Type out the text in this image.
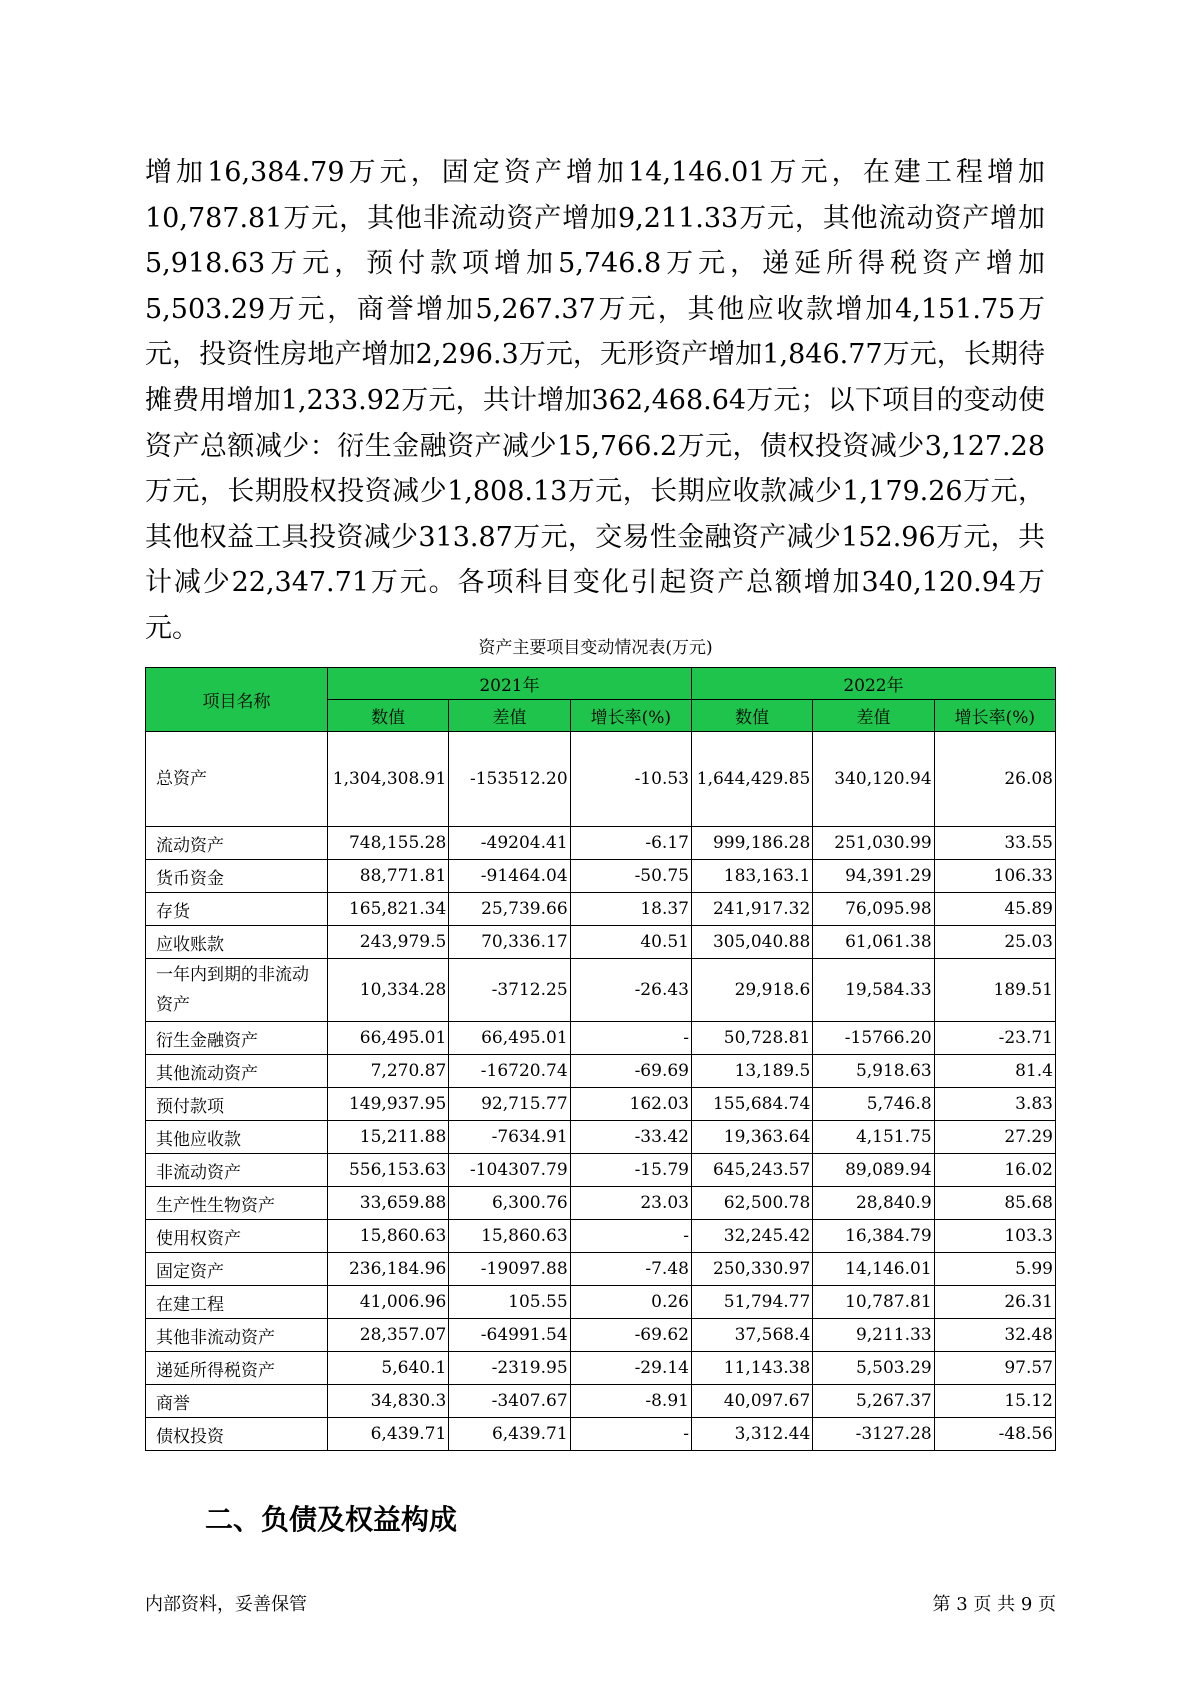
增加16,384.79万元，固定资产增加14,146.01万元，在建工程增加10,787.81万元，其他非流动资产增加9,211.33万元，其他流动资产增加5,918.63万元，预付款项增加5,746.8万元，递延所得税资产增加5,503.29万元，商誉增加5,267.37万元，其他应收款增加4,151.75万元，投资性房地产增加2,296.3万元，无形资产增加1,846.77万元，长期待摊费用增加1,233.92万元，共计增加362,468.64万元；以下项目的变动使资产总额减少：衍生金融资产减少15,766.2万元，债权投资减少3,127.28万元，长期股权投资减少1,808.13万元，长期应收款减少1,179.26万元，其他权益工具投资减少313.87万元，交易性金融资产减少152.96万元，共计减少22,347.71万元。各项科目变化引起资产总额增加340,120.94万元。

资产主要项目变动情况表(万元)
项目名称	2021年			2022年		
	数值	差值	增长率(%)	数值	差值	增长率(%)
总资产	1,304,308.91	-153512.20	-10.53	1,644,429.85	340,120.94	26.08
流动资产	748,155.28	-49204.41	-6.17	999,186.28	251,030.99	33.55
货币资金	88,771.81	-91464.04	-50.75	183,163.1	94,391.29	106.33
存货	165,821.34	25,739.66	18.37	241,917.32	76,095.98	45.89
应收账款	243,979.5	70,336.17	40.51	305,040.88	61,061.38	25.03
一年内到期的非流动资产	10,334.28	-3712.25	-26.43	29,918.6	19,584.33	189.51
衍生金融资产	66,495.01	66,495.01	-	50,728.81	-15766.20	-23.71
其他流动资产	7,270.87	-16720.74	-69.69	13,189.5	5,918.63	81.4
预付款项	149,937.95	92,715.77	162.03	155,684.74	5,746.8	3.83
其他应收款	15,211.88	-7634.91	-33.42	19,363.64	4,151.75	27.29
非流动资产	556,153.63	-104307.79	-15.79	645,243.57	89,089.94	16.02
生产性生物资产	33,659.88	6,300.76	23.03	62,500.78	28,840.9	85.68
使用权资产	15,860.63	15,860.63	-	32,245.42	16,384.79	103.3
固定资产	236,184.96	-19097.88	-7.48	250,330.97	14,146.01	5.99
在建工程	41,006.96	105.55	0.26	51,794.77	10,787.81	26.31
其他非流动资产	28,357.07	-64991.54	-69.62	37,568.4	9,211.33	32.48
递延所得税资产	5,640.1	-2319.95	-29.14	11,143.38	5,503.29	97.57
商誉	34,830.3	-3407.67	-8.91	40,097.67	5,267.37	15.12
债权投资	6,439.71	6,439.71	-	3,312.44	-3127.28	-48.56
二、负债及权益构成
内部资料，妥善保管	第 3 页 共 9 页
